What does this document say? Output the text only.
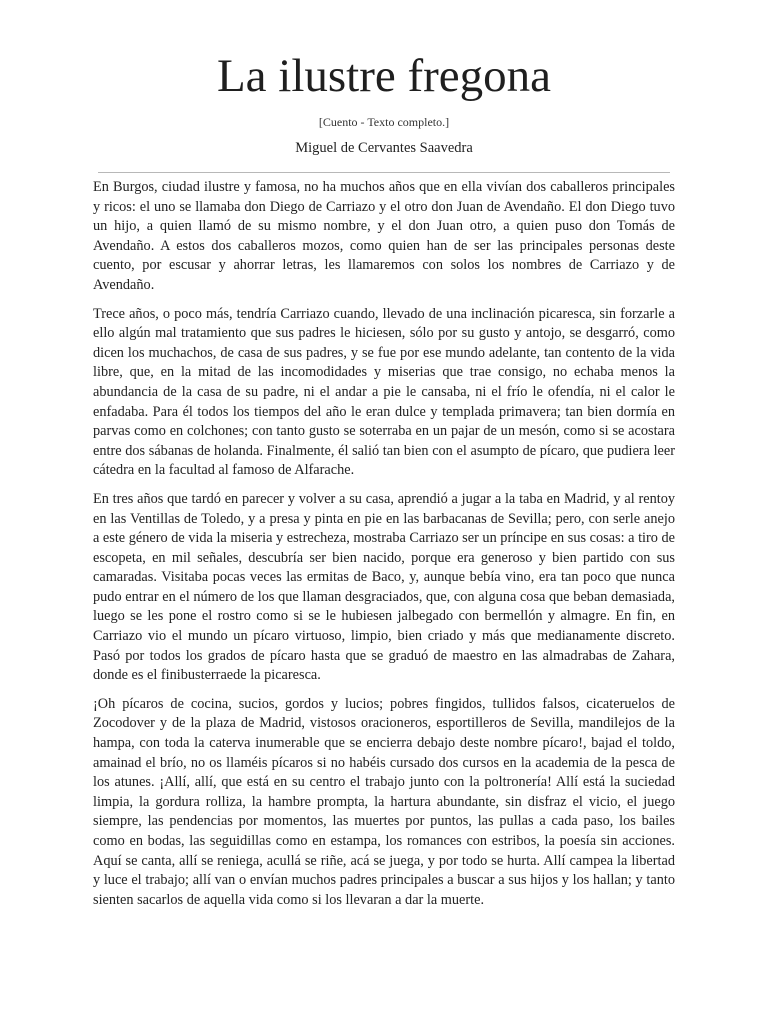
La ilustre fregona
[Cuento - Texto completo.]
Miguel de Cervantes Saavedra

En Burgos, ciudad ilustre y famosa, no ha muchos años que en ella vivían dos caballeros principales y ricos: el uno se llamaba don Diego de Carriazo y el otro don Juan de Avendaño. El don Diego tuvo un hijo, a quien llamó de su mismo nombre, y el don Juan otro, a quien puso don Tomás de Avendaño. A estos dos caballeros mozos, como quien han de ser las principales personas deste cuento, por escusar y ahorrar letras, les llamaremos con solos los nombres de Carriazo y de Avendaño.

Trece años, o poco más, tendría Carriazo cuando, llevado de una inclinación picaresca, sin forzarle a ello algún mal tratamiento que sus padres le hiciesen, sólo por su gusto y antojo, se desgarró, como dicen los muchachos, de casa de sus padres, y se fue por ese mundo adelante, tan contento de la vida libre, que, en la mitad de las incomodidades y miserias que trae consigo, no echaba menos la abundancia de la casa de su padre, ni el andar a pie le cansaba, ni el frío le ofendía, ni el calor le enfadaba. Para él todos los tiempos del año le eran dulce y templada primavera; tan bien dormía en parvas como en colchones; con tanto gusto se soterraba en un pajar de un mesón, como si se acostara entre dos sábanas de holanda. Finalmente, él salió tan bien con el asumpto de pícaro, que pudiera leer cátedra en la facultad al famoso de Alfarache.

En tres años que tardó en parecer y volver a su casa, aprendió a jugar a la taba en Madrid, y al rentoy en las Ventillas de Toledo, y a presa y pinta en pie en las barbacanas de Sevilla; pero, con serle anejo a este género de vida la miseria y estrecheza, mostraba Carriazo ser un príncipe en sus cosas: a tiro de escopeta, en mil señales, descubría ser bien nacido, porque era generoso y bien partido con sus camaradas. Visitaba pocas veces las ermitas de Baco, y, aunque bebía vino, era tan poco que nunca pudo entrar en el número de los que llaman desgraciados, que, con alguna cosa que beban demasiada, luego se les pone el rostro como si se le hubiesen jalbegado con bermellón y almagre. En fin, en Carriazo vio el mundo un pícaro virtuoso, limpio, bien criado y más que medianamente discreto. Pasó por todos los grados de pícaro hasta que se graduó de maestro en las almadrabas de Zahara, donde es el finibusterraede la picaresca.

¡Oh pícaros de cocina, sucios, gordos y lucios; pobres fingidos, tullidos falsos, cicateruelos de Zocodover y de la plaza de Madrid, vistosos oracioneros, esportilleros de Sevilla, mandilejos de la hampa, con toda la caterva inumerable que se encierra debajo deste nombre pícaro!, bajad el toldo, amainad el brío, no os llaméis pícaros si no habéis cursado dos cursos en la academia de la pesca de los atunes. ¡Allí, allí, que está en su centro el trabajo junto con la poltronería! Allí está la suciedad limpia, la gordura rolliza, la hambre prompta, la hartura abundante, sin disfraz el vicio, el juego siempre, las pendencias por momentos, las muertes por puntos, las pullas a cada paso, los bailes como en bodas, las seguidillas como en estampa, los romances con estribos, la poesía sin acciones. Aquí se canta, allí se reniega, acullá se riñe, acá se juega, y por todo se hurta. Allí campea la libertad y luce el trabajo; allí van o envían muchos padres principales a buscar a sus hijos y los hallan; y tanto sienten sacarlos de aquella vida como si los llevaran a dar la muerte.
